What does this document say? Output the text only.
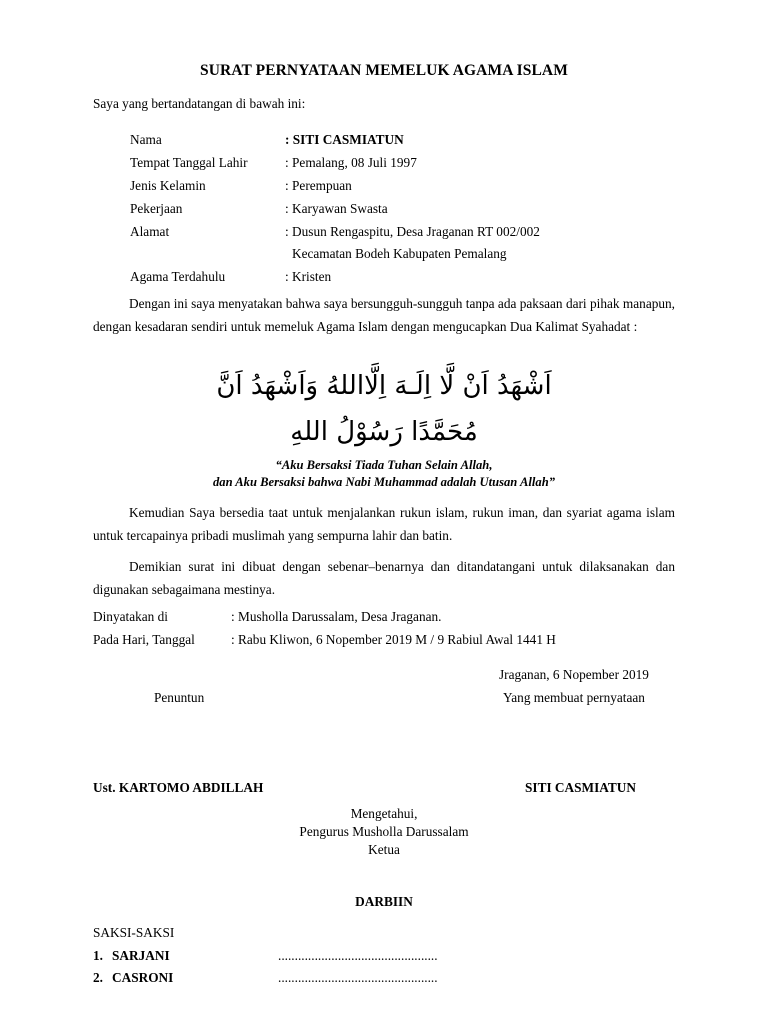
SURAT PERNYATAAN MEMELUK AGAMA ISLAM
Saya yang bertandatangan di bawah ini:
Nama	: SITI CASMIATUN
Tempat Tanggal Lahir	: Pemalang, 08 Juli 1997
Jenis Kelamin	: Perempuan
Pekerjaan	: Karyawan Swasta
Alamat	: Dusun Rengaspitu, Desa Jraganan RT 002/002
Kecamatan Bodeh Kabupaten Pemalang
Agama Terdahulu	: Kristen
Dengan ini saya menyatakan bahwa saya bersungguh-sungguh tanpa ada paksaan dari pihak manapun, dengan kesadaran sendiri untuk memeluk Agama Islam dengan mengucapkan Dua Kalimat Syahadat :
اَشْهَدُ اَنْ لَّا اِلَـهَ اِلَّااللهُ وَاَشْهَدُ اَنَّ
مُحَمَّدًا رَسُوْلُ اللهِ
“Aku Bersaksi Tiada Tuhan Selain Allah,
dan Aku Bersaksi bahwa Nabi Muhammad adalah Utusan Allah”
Kemudian Saya bersedia taat untuk menjalankan rukun islam, rukun iman, dan syariat agama islam untuk tercapainya pribadi muslimah yang sempurna lahir dan batin.
Demikian surat ini dibuat dengan sebenar–benarnya dan ditandatangani untuk dilaksanakan dan digunakan sebagaimana mestinya.
Dinyatakan di	: Musholla Darussalam, Desa Jraganan.
Pada Hari, Tanggal	: Rabu Kliwon, 6 Nopember 2019 M / 9 Rabiul Awal 1441 H
Jraganan, 6 Nopember 2019
Penuntun	Yang membuat pernyataan
Ust. KARTOMO ABDILLAH	SITI CASMIATUN
Mengetahui,
Pengurus Musholla Darussalam
Ketua
DARBIIN
SAKSI-SAKSI
1. SARJANI	................................................
2. CASRONI	................................................
